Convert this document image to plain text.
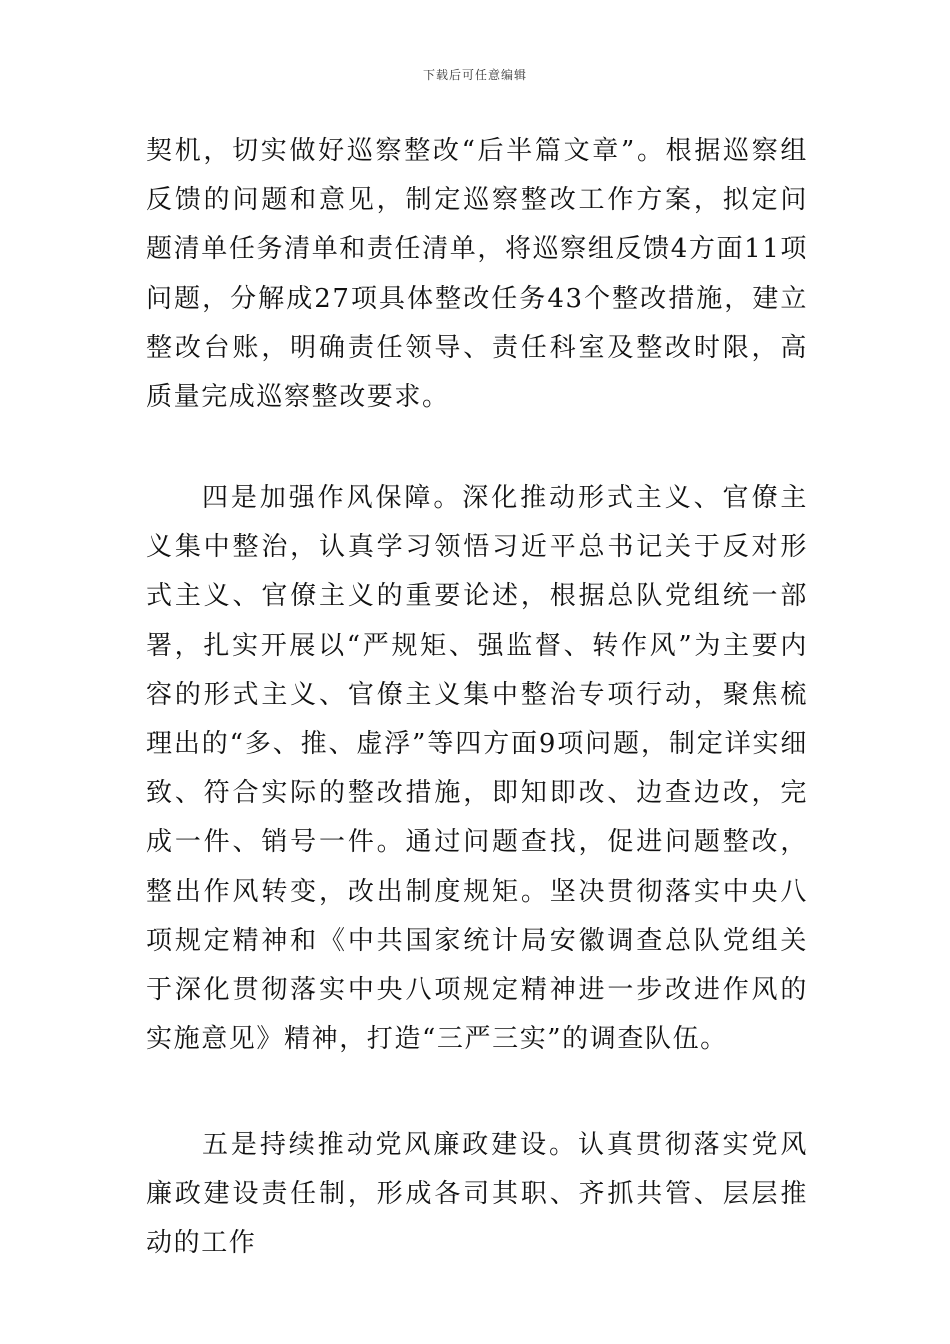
下载后可任意编辑

契机，切实做好巡察整改“后半篇文章”。根据巡察组反馈的问题和意见，制定巡察整改工作方案，拟定问题清单任务清单和责任清单，将巡察组反馈4方面11项问题，分解成27项具体整改任务43个整改措施，建立整改台账，明确责任领导、责任科室及整改时限，高质量完成巡察整改要求。

四是加强作风保障。深化推动形式主义、官僚主义集中整治，认真学习领悟习近平总书记关于反对形式主义、官僚主义的重要论述，根据总队党组统一部署，扎实开展以“严规矩、强监督、转作风”为主要内容的形式主义、官僚主义集中整治专项行动，聚焦梳理出的“多、推、虚浮”等四方面9项问题，制定详实细致、符合实际的整改措施，即知即改、边查边改，完成一件、销号一件。通过问题查找，促进问题整改，整出作风转变，改出制度规矩。坚决贯彻落实中央八项规定精神和《中共国家统计局安徽调查总队党组关于深化贯彻落实中央八项规定精神进一步改进作风的实施意见》精神，打造“三严三实”的调查队伍。

五是持续推动党风廉政建设。认真贯彻落实党风廉政建设责任制，形成各司其职、齐抓共管、层层推动的工作
